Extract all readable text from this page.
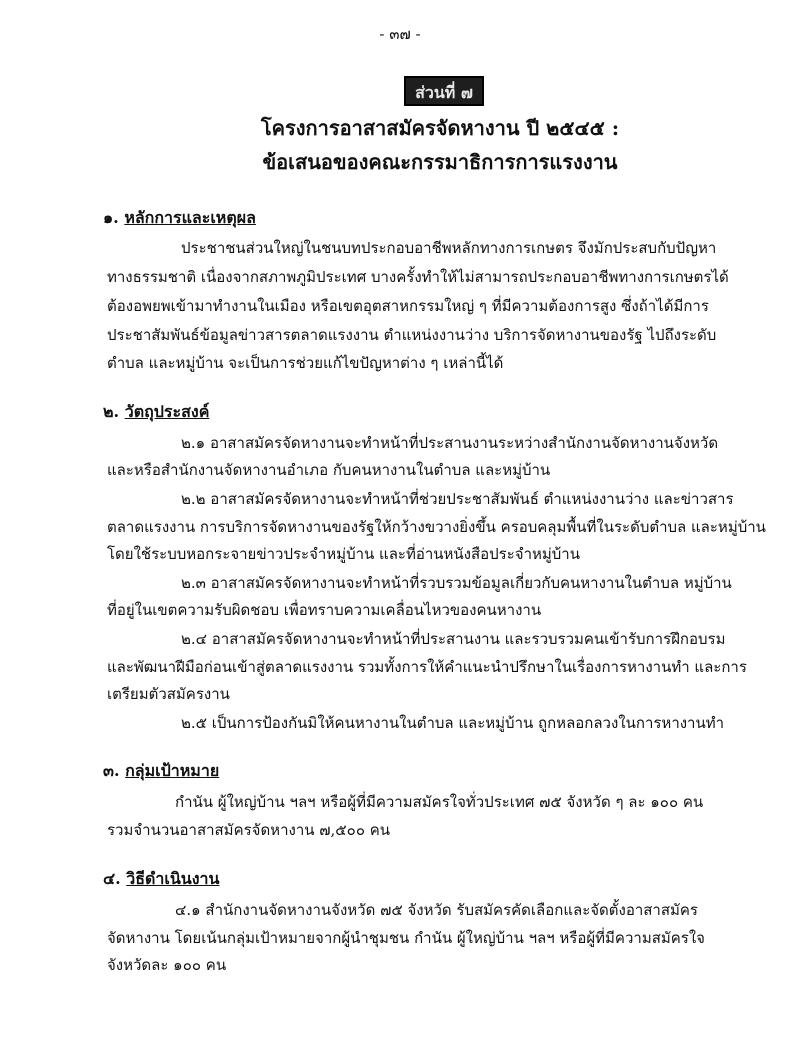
- ๓๗ -
ส่วนที่ ๗
โครงการอาสาสมัครจัดหางาน ปี ๒๕๔๕ :
ข้อเสนอของคณะกรรมาธิการการแรงงาน
๑. หลักการและเหตุผล
ประชาชนส่วนใหญ่ในชนบทประกอบอาชีพหลักทางการเกษตร จึงมักประสบกับปัญหา
ทางธรรมชาติ เนื่องจากสภาพภูมิประเทศ บางครั้งทำให้ไม่สามารถประกอบอาชีพทางการเกษตรได้
ต้องอพยพเข้ามาทำงานในเมือง หรือเขตอุตสาหกรรมใหญ่ ๆ ที่มีความต้องการสูง ซึ่งถ้าได้มีการ
ประชาสัมพันธ์ข้อมูลข่าวสารตลาดแรงงาน ตำแหน่งงานว่าง บริการจัดหางานของรัฐ ไปถึงระดับ
ตำบล และหมู่บ้าน จะเป็นการช่วยแก้ไขปัญหาต่าง ๆ เหล่านี้ได้
๒. วัตถุประสงค์
๒.๑ อาสาสมัครจัดหางานจะทำหน้าที่ประสานงานระหว่างสำนักงานจัดหางานจังหวัด
และหรือสำนักงานจัดหางานอำเภอ กับคนหางานในตำบล และหมู่บ้าน
๒.๒ อาสาสมัครจัดหางานจะทำหน้าที่ช่วยประชาสัมพันธ์ ตำแหน่งงานว่าง และข่าวสาร
ตลาดแรงงาน การบริการจัดหางานของรัฐให้กว้างขวางยิ่งขึ้น ครอบคลุมพื้นที่ในระดับตำบล และหมู่บ้าน
โดยใช้ระบบหอกระจายข่าวประจำหมู่บ้าน และที่อ่านหนังสือประจำหมู่บ้าน
๒.๓ อาสาสมัครจัดหางานจะทำหน้าที่รวบรวมข้อมูลเกี่ยวกับคนหางานในตำบล หมู่บ้าน
ที่อยู่ในเขตความรับผิดชอบ เพื่อทราบความเคลื่อนไหวของคนหางาน
๒.๔ อาสาสมัครจัดหางานจะทำหน้าที่ประสานงาน และรวบรวมคนเข้ารับการฝึกอบรม
และพัฒนาฝีมือก่อนเข้าสู่ตลาดแรงงาน รวมทั้งการให้คำแนะนำปรึกษาในเรื่องการหางานทำ และการ
เตรียมตัวสมัครงาน
๒.๕ เป็นการป้องกันมิให้คนหางานในตำบล และหมู่บ้าน ถูกหลอกลวงในการหางานทำ
๓. กลุ่มเป้าหมาย
กำนัน ผู้ใหญ่บ้าน ฯลฯ หรือผู้ที่มีความสมัครใจทั่วประเทศ ๗๕ จังหวัด ๆ ละ ๑๐๐ คน
รวมจำนวนอาสาสมัครจัดหางาน ๗,๕๐๐ คน
๔. วิธีดำเนินงาน
๔.๑ สำนักงานจัดหางานจังหวัด ๗๕ จังหวัด รับสมัครคัดเลือกและจัดตั้งอาสาสมัคร
จัดหางาน โดยเน้นกลุ่มเป้าหมายจากผู้นำชุมชน กำนัน ผู้ใหญ่บ้าน ฯลฯ หรือผู้ที่มีความสมัครใจ
จังหวัดละ ๑๐๐ คน
